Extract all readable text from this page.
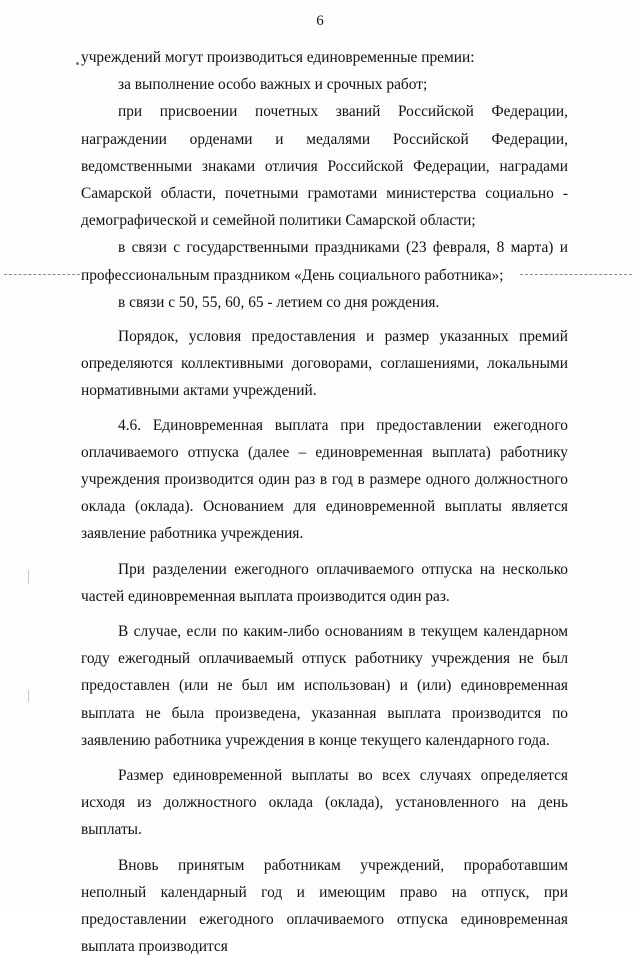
6

учреждений могут производиться единовременные премии:

за выполнение особо важных и срочных работ;

при присвоении почетных званий Российской Федерации, награждении орденами и медалями Российской Федерации, ведомственными знаками отличия Российской Федерации, наградами Самарской области, почетными грамотами министерства социально - демографической и семейной политики Самарской области;

в связи с государственными праздниками (23 февраля, 8 марта) и профессиональным праздником «День социального работника»;

в связи с 50, 55, 60, 65 - летием со дня рождения.

Порядок, условия предоставления и размер указанных премий определяются коллективными договорами, соглашениями, локальными нормативными актами учреждений.

4.6. Единовременная выплата при предоставлении ежегодного оплачиваемого отпуска (далее – единовременная выплата) работнику учреждения производится один раз в год в размере одного должностного оклада (оклада). Основанием для единовременной выплаты является заявление работника учреждения.

При разделении ежегодного оплачиваемого отпуска на несколько частей единовременная выплата производится один раз.

В случае, если по каким-либо основаниям в текущем календарном году ежегодный оплачиваемый отпуск работнику учреждения не был предоставлен (или не был им использован) и (или) единовременная выплата не была произведена, указанная выплата производится по заявлению работника учреждения в конце текущего календарного года.

Размер единовременной выплаты во всех случаях определяется исходя из должностного оклада (оклада), установленного на день выплаты.

Вновь принятым работникам учреждений, проработавшим неполный календарный год и имеющим право на отпуск, при предоставлении ежегодного оплачиваемого отпуска единовременная выплата производится
